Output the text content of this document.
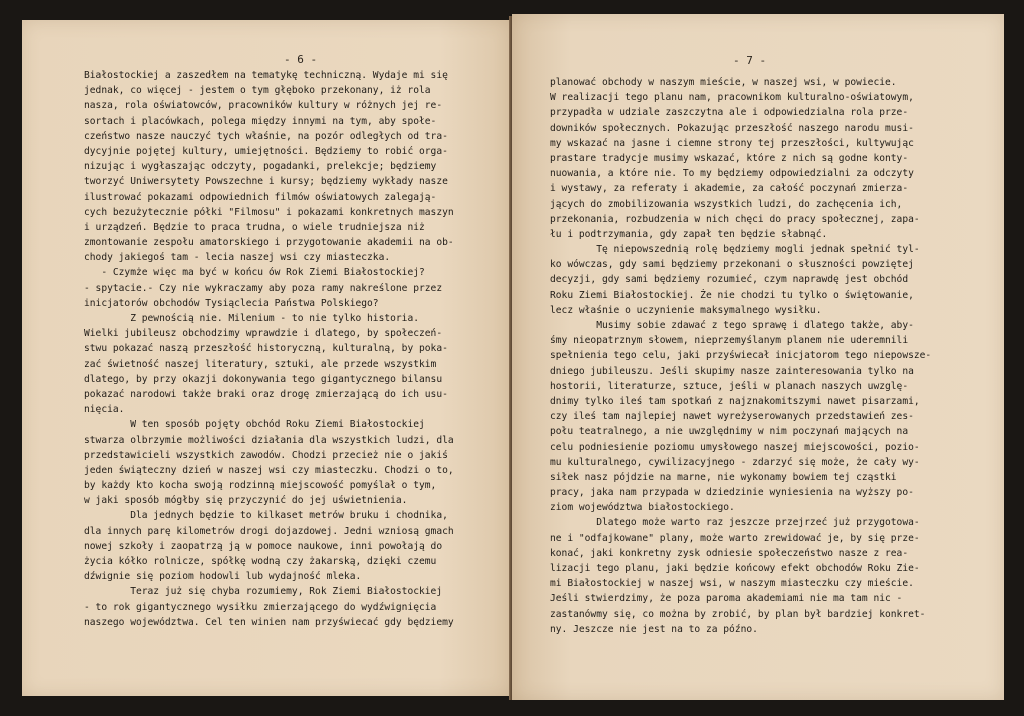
- 6 -
Białostockiej a zaszedłem na tematykę techniczną. Wydaje mi się
jednak, co więcej - jestem o tym głęboko przekonany, iż rola
nasza, rola oświatowców, pracowników kultury w różnych jej re-
sortach i placówkach, polega między innymi na tym, aby społe-
czeństwo nasze nauczyć tych właśnie, na pozór odległych od tra-
dycyjnie pojętej kultury, umiejętności. Będziemy to robić orga-
nizując i wygłaszając odczyty, pogadanki, prelekcje; będziemy
tworzyć Uniwersytety Powszechne i kursy; będziemy wykłady nasze
ilustrować pokazami odpowiednich filmów oświatowych zalegają-
cych bezużytecznie półki "Filmosu" i pokazami konkretnych maszyn
i urządzeń. Będzie to praca trudna, o wiele trudniejsza niż
zmontowanie zespołu amatorskiego i przygotowanie akademii na ob-
chody jakiegoś tam - lecia naszej wsi czy miasteczka.
- Czymże więc ma być w końcu ów Rok Ziemi Białostockiej?
- spytacie.- Czy nie wykraczamy aby poza ramy nakreślone przez
inicjatorów obchodów Tysiąclecia Państwa Polskiego?
Z pewnością nie. Milenium - to nie tylko historia.
Wielki jubileusz obchodzimy wprawdzie i dlatego, by społeczeń-
stwu pokazać naszą przeszłość historyczną, kulturalną, by poka-
zać świetność naszej literatury, sztuki, ale przede wszystkim
dlatego, by przy okazji dokonywania tego gigantycznego bilansu
pokazać narodowi także braki oraz drogę zmierzającą do ich usu-
nięcia.
W ten sposób pojęty obchód Roku Ziemi Białostockiej
stwarza olbrzymie możliwości działania dla wszystkich ludzi, dla
przedstawicieli wszystkich zawodów. Chodzi przecież nie o jakiś
jeden świąteczny dzień w naszej wsi czy miasteczku. Chodzi o to,
by każdy kto kocha swoją rodzinną miejscowość pomyślał o tym,
w jaki sposób mógłby się przyczynić do jej uświetnienia.
Dla jednych będzie to kilkaset metrów bruku i chodnika,
dla innych parę kilometrów drogi dojazdowej. Jedni wzniosą gmach
nowej szkoły i zaopatrzą ją w pomoce naukowe, inni powołają do
życia kółko rolnicze, spółkę wodną czy żakarską, dzięki czemu
dźwignie się poziom hodowli lub wydajność mleka.
Teraz już się chyba rozumiemy, Rok Ziemi Białostockiej
- to rok gigantycznego wysiłku zmierzającego do wydźwignięcia
naszego województwa. Cel ten winien nam przyświecać gdy będziemy
- 7 -
planować obchody w naszym mieście, w naszej wsi, w powiecie.
W realizacji tego planu nam, pracownikom kulturalno-oświatowym,
przypadła w udziale zaszczytna ale i odpowiedzialna rola prze-
downików społecznych. Pokazując przeszłość naszego narodu musi-
my wskazać na jasne i ciemne strony tej przeszłości, kultywując
prastare tradycje musimy wskazać, które z nich są godne konty-
nuowania, a które nie. To my będziemy odpowiedzialni za odczyty
i wystawy, za referaty i akademie, za całość poczynań zmierza-
jących do zmobilizowania wszystkich ludzi, do zachęcenia ich,
przekonania, rozbudzenia w nich chęci do pracy społecznej, zapa-
łu i podtrzymania, gdy zapał ten będzie słabnąć.
Tę niepowszednią rolę będziemy mogli jednak spełnić tyl-
ko wówczas, gdy sami będziemy przekonani o słuszności powziętej
decyzji, gdy sami będziemy rozumieć, czym naprawdę jest obchód
Roku Ziemi Białostockiej. Że nie chodzi tu tylko o świętowanie,
lecz właśnie o uczynienie maksymalnego wysiłku.
Musimy sobie zdawać z tego sprawę i dlatego także, aby-
śmy nieopatrznym słowem, nieprzemyślanym planem nie uderemnili
spełnienia tego celu, jaki przyświecał inicjatorom tego niepowsze-
dniego jubileuszu. Jeśli skupimy nasze zainteresowania tylko na
hostorii, literaturze, sztuce, jeśli w planach naszych uwzglę-
dnimy tylko ileś tam spotkań z najznakomitszymi nawet pisarzami,
czy ileś tam najlepiej nawet wyreżyserowanych przedstawień zes-
połu teatralnego, a nie uwzględnimy w nim poczynań mających na
celu podniesienie poziomu umysłowego naszej miejscowości, pozio-
mu kulturalnego, cywilizacyjnego - zdarzyć się może, że cały wy-
siłek nasz pójdzie na marne, nie wykonamy bowiem tej cząstki
pracy, jaka nam przypada w dziedzinie wyniesienia na wyższy po-
ziom województwa białostockiego.
Dlatego może warto raz jeszcze przejrzeć już przygotowa-
ne i "odfajkowane" plany, może warto zrewidować je, by się prze-
konać, jaki konkretny zysk odniesie społeczeństwo nasze z rea-
lizacji tego planu, jaki będzie końcowy efekt obchodów Roku Zie-
mi Białostockiej w naszej wsi, w naszym miasteczku czy mieście.
Jeśli stwierdzimy, że poza paroma akademiami nie ma tam nic -
zastanówmy się, co można by zrobić, by plan był bardziej konkret-
ny. Jeszcze nie jest na to za późno.
